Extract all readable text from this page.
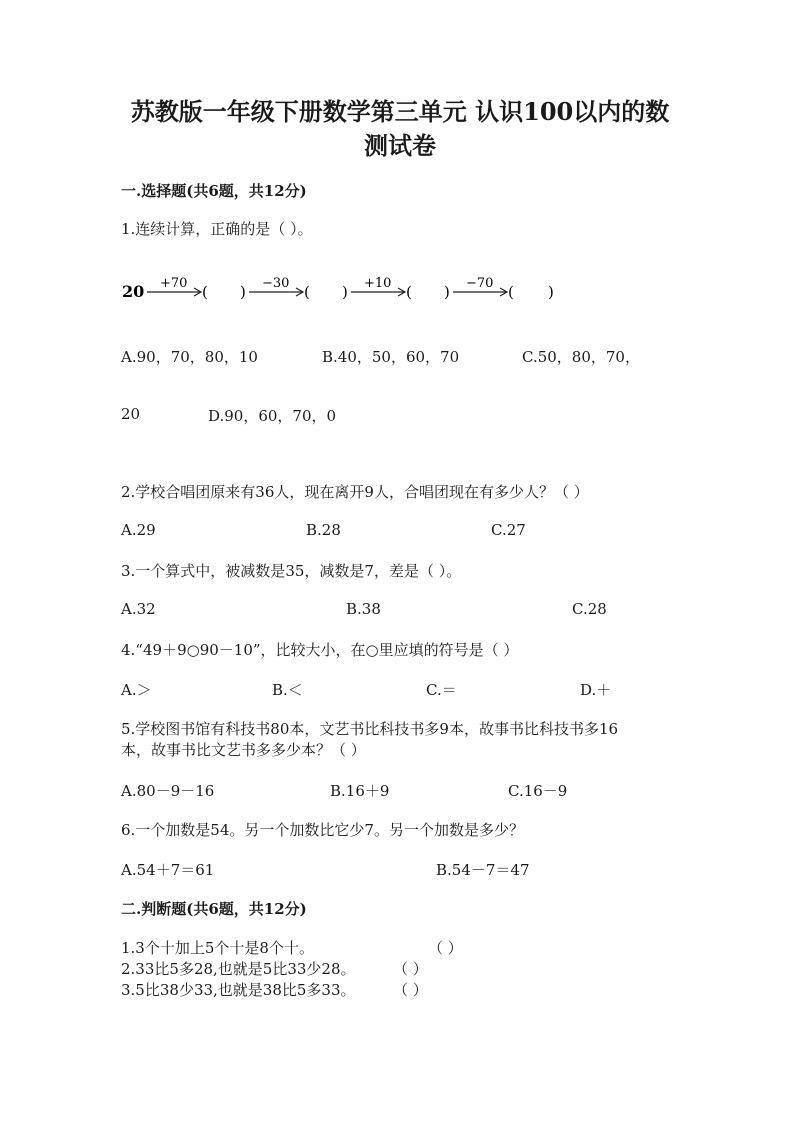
苏教版一年级下册数学第三单元 认识100以内的数
测试卷
一.选择题(共6题，共12分)
1.连续计算，正确的是（ ）。
20 +70 ( ) −30 ( ) +10 ( ) −70 ( )
A.90，70，80，10	B.40，50，60，70	C.50，80，70，
20	D.90，60，70，0
2.学校合唱团原来有36人，现在离开9人，合唱团现在有多少人？（ ）
A.29	B.28	C.27
3.一个算式中，被减数是35，减数是7，差是（ ）。
A.32	B.38	C.28
4.“49＋9○90－10”，比较大小，在○里应填的符号是（ ）
A.＞	B.＜	C.＝	D.＋
5.学校图书馆有科技书80本，文艺书比科技书多9本，故事书比科技书多16
本，故事书比文艺书多多少本？（ ）
A.80－9－16	B.16＋9	C.16－9
6.一个加数是54。另一个加数比它少7。另一个加数是多少？
A.54＋7＝61	B.54－7＝47
二.判断题(共6题，共12分)
1.3个十加上5个十是8个十。	（ ）
2.33比5多28,也就是5比33少28。 （ ）
3.5比38少33,也就是38比5多33。 （ ）
